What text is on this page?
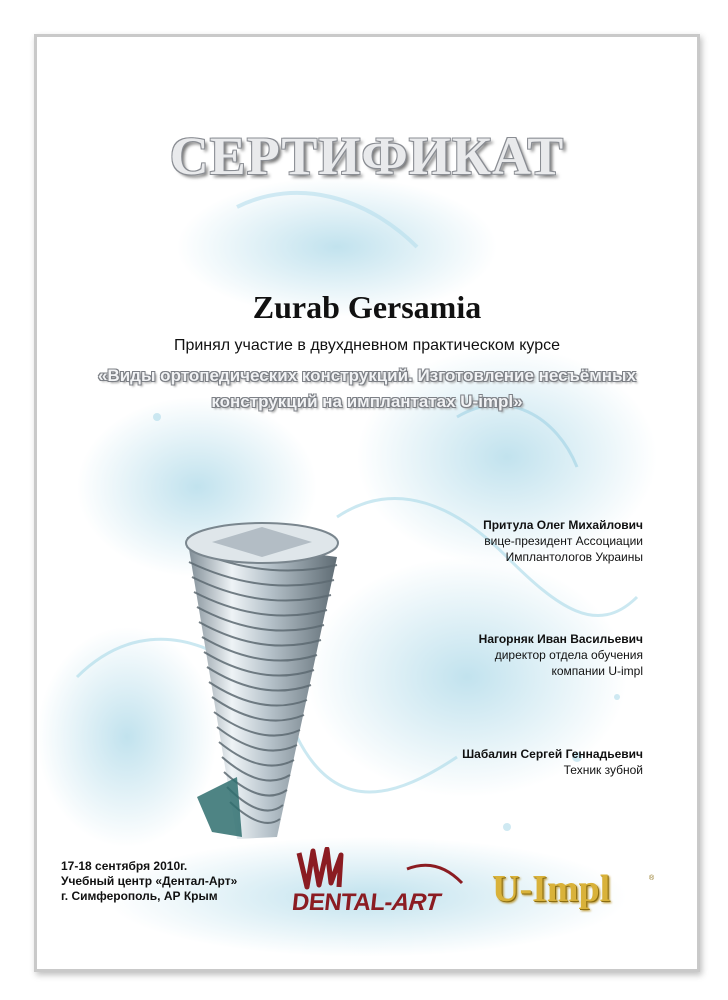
СЕРТИФИКАТ
Zurab Gersamia
Принял участие в двухдневном практическом курсе
«Виды ортопедических конструкций. Изготовление несъёмных
конструкций на имплантатах U-impl»
Притула Олег Михайлович
вице-президент Ассоциации
Имплантологов Украины
Нагорняк Иван Васильевич
директор отдела обучения
компании U-impl
Шабалин Сергей Геннадьевич
Техник зубной
17-18 сентября 2010г.
Учебный центр «Дентал-Арт»
г. Симферополь, АР Крым	DENTAL-ART U-Impl	®
